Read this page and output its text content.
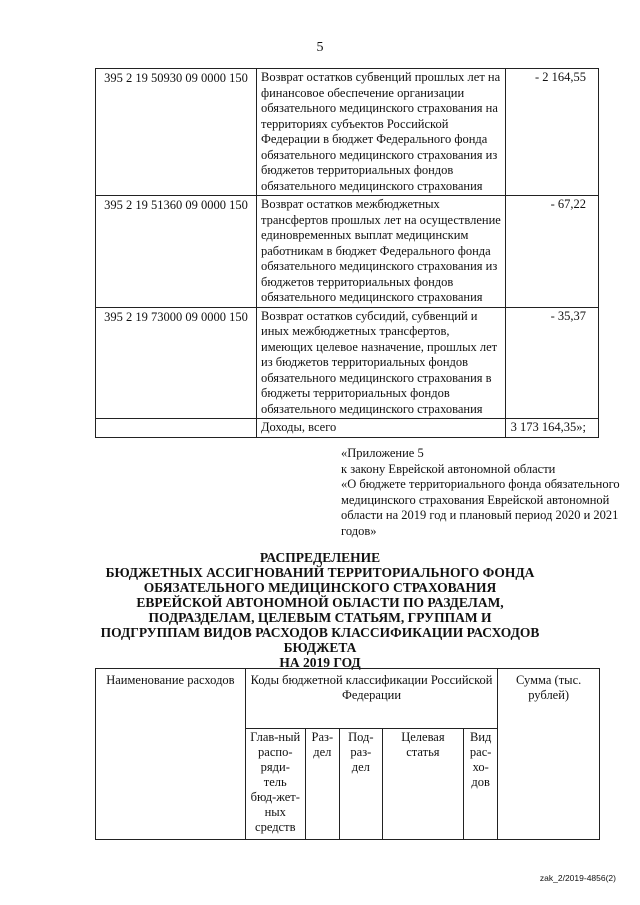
5
395 2 19 50930 09 0000 150	Возврат остатков субвенций прошлых лет на финансовое обеспечение организации обязательного медицинского страхования на территориях субъектов Российской Федерации в бюджет Федерального фонда обязательного медицинского страхования из бюджетов территориальных фондов обязательного медицинского страхования	- 2 164,55
395 2 19 51360 09 0000 150	Возврат остатков межбюджетных трансфертов прошлых лет на осуществление единовременных выплат медицинским работникам в бюджет Федерального фонда обязательного медицинского страхования из бюджетов территориальных фондов обязательного медицинского страхования	- 67,22
395 2 19 73000 09 0000 150	Возврат остатков субсидий, субвенций и иных межбюджетных трансфертов, имеющих целевое назначение, прошлых лет из бюджетов территориальных фондов обязательного медицинского страхования в бюджеты территориальных фондов обязательного медицинского страхования	- 35,37
	Доходы, всего	3 173 164,35»;
«Приложение 5
к закону Еврейской автономной области
«О бюджете территориального фонда обязательного медицинского страхования Еврейской автономной области на 2019 год и плановый период 2020 и 2021 годов»
РАСПРЕДЕЛЕНИЕ
БЮДЖЕТНЫХ АССИГНОВАНИЙ ТЕРРИТОРИАЛЬНОГО ФОНДА ОБЯЗАТЕЛЬНОГО МЕДИЦИНСКОГО СТРАХОВАНИЯ ЕВРЕЙСКОЙ АВТОНОМНОЙ ОБЛАСТИ ПО РАЗДЕЛАМ, ПОДРАЗДЕЛАМ, ЦЕЛЕВЫМ СТАТЬЯМ, ГРУППАМ И ПОДГРУППАМ ВИДОВ РАСХОДОВ КЛАССИФИКАЦИИ РАСХОДОВ БЮДЖЕТА
НА 2019 ГОД
Наименование расходов	Коды бюджетной классификации Российской Федерации					Сумма (тыс. рублей)
	Глав-ный распо-ряди-тель бюд-жет-ных средств	Раз-дел	Под-раз-дел	Целевая статья	Вид рас-хо-дов	
zak_2/2019-4856(2)
